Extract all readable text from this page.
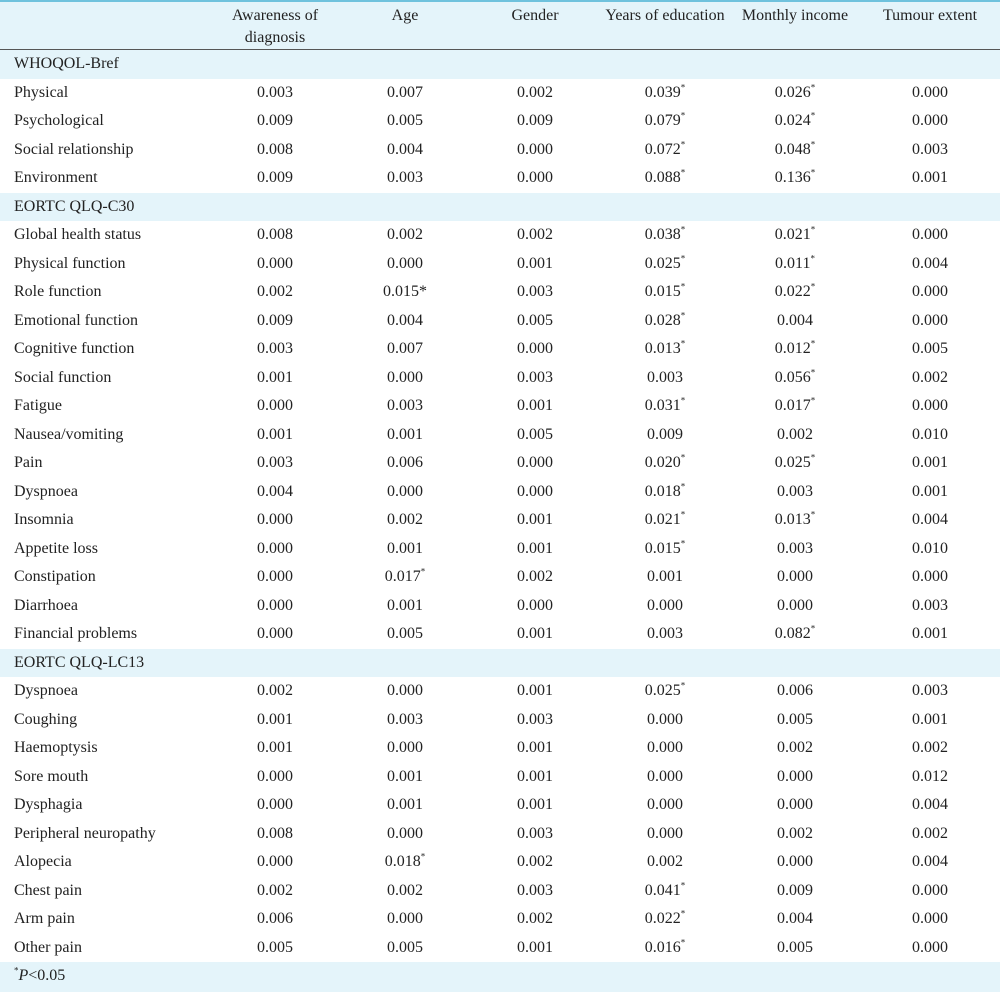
	Awareness of diagnosis	Age	Gender	Years of education	Monthly income	Tumour extent
WHOQOL-Bref						
Physical	0.003	0.007	0.002	0.039*	0.026*	0.000
Psychological	0.009	0.005	0.009	0.079*	0.024*	0.000
Social relationship	0.008	0.004	0.000	0.072*	0.048*	0.003
Environment	0.009	0.003	0.000	0.088*	0.136*	0.001
EORTC QLQ-C30						
Global health status	0.008	0.002	0.002	0.038*	0.021*	0.000
Physical function	0.000	0.000	0.001	0.025*	0.011*	0.004
Role function	0.002	0.015*	0.003	0.015*	0.022*	0.000
Emotional function	0.009	0.004	0.005	0.028*	0.004	0.000
Cognitive function	0.003	0.007	0.000	0.013*	0.012*	0.005
Social function	0.001	0.000	0.003	0.003	0.056*	0.002
Fatigue	0.000	0.003	0.001	0.031*	0.017*	0.000
Nausea/vomiting	0.001	0.001	0.005	0.009	0.002	0.010
Pain	0.003	0.006	0.000	0.020*	0.025*	0.001
Dyspnoea	0.004	0.000	0.000	0.018*	0.003	0.001
Insomnia	0.000	0.002	0.001	0.021*	0.013*	0.004
Appetite loss	0.000	0.001	0.001	0.015*	0.003	0.010
Constipation	0.000	0.017*	0.002	0.001	0.000	0.000
Diarrhoea	0.000	0.001	0.000	0.000	0.000	0.003
Financial problems	0.000	0.005	0.001	0.003	0.082*	0.001
EORTC QLQ-LC13						
Dyspnoea	0.002	0.000	0.001	0.025*	0.006	0.003
Coughing	0.001	0.003	0.003	0.000	0.005	0.001
Haemoptysis	0.001	0.000	0.001	0.000	0.002	0.002
Sore mouth	0.000	0.001	0.001	0.000	0.000	0.012
Dysphagia	0.000	0.001	0.001	0.000	0.000	0.004
Peripheral neuropathy	0.008	0.000	0.003	0.000	0.002	0.002
Alopecia	0.000	0.018*	0.002	0.002	0.000	0.004
Chest pain	0.002	0.002	0.003	0.041*	0.009	0.000
Arm pain	0.006	0.000	0.002	0.022*	0.004	0.000
Other pain	0.005	0.005	0.001	0.016*	0.005	0.000
*P<0.05
